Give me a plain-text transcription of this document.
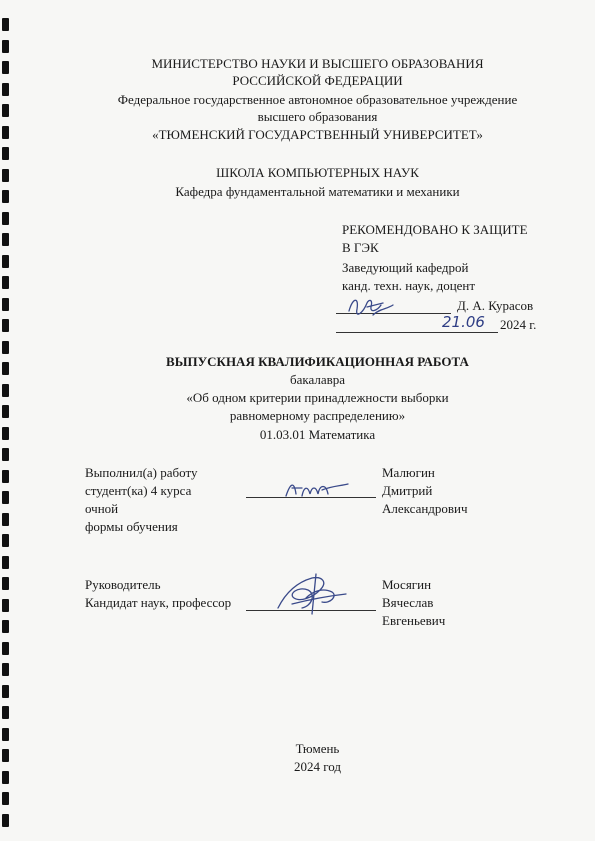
МИНИСТЕРСТВО НАУКИ И ВЫСШЕГО ОБРАЗОВАНИЯ
РОССИЙСКОЙ ФЕДЕРАЦИИ
Федеральное государственное автономное образовательное учреждение
высшего образования
«ТЮМЕНСКИЙ ГОСУДАРСТВЕННЫЙ УНИВЕРСИТЕТ»
ШКОЛА КОМПЬЮТЕРНЫХ НАУК
Кафедра фундаментальной математики и механики
РЕКОМЕНДОВАНО К ЗАЩИТЕ
В ГЭК
Заведующий кафедрой
канд. техн. наук, доцент
Д. А. Курасов
21.06 2024 г.
ВЫПУСКНАЯ КВАЛИФИКАЦИОННАЯ РАБОТА
бакалавра
«Об одном критерии принадлежности выборки
равномерному распределению»
01.03.01 Математика
Выполнил(а) работу
студент(ка) 4 курса
очной
формы обучения
Малюгин
Дмитрий
Александрович
Руководитель
Кандидат наук, профессор
Мосягин
Вячеслав
Евгеньевич
Тюмень
2024 год
